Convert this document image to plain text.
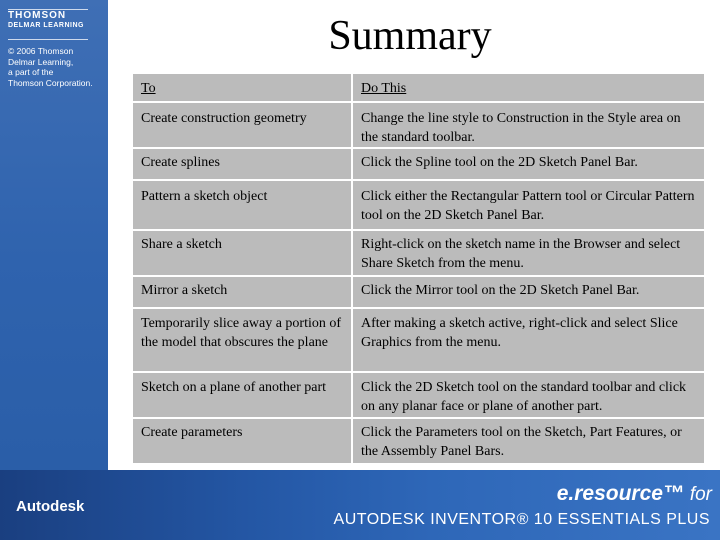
THOMSON
DELMAR LEARNING
© 2006 Thomson
Delmar Learning,
a part of the
Thomson Corporation.
Summary
To	Do This
Create construction geometry	Change the line style to Construction in the Style area on the standard toolbar.
Create splines	Click the Spline tool on the 2D Sketch Panel Bar.
Pattern a sketch object	Click either the Rectangular Pattern tool or Circular Pattern tool on the 2D Sketch Panel Bar.
Share a sketch	Right-click on the sketch name in the Browser and select Share Sketch from the menu.
Mirror a sketch	Click the Mirror tool on the 2D Sketch Panel Bar.
Temporarily slice away a portion of the model that obscures the plane	After making a sketch active, right-click and select Slice Graphics from the menu.
Sketch on a plane of another part	Click the 2D Sketch tool on the standard toolbar and click on any planar face or plane of another part.
Create parameters	Click the Parameters tool on the Sketch, Part Features, or the Assembly Panel Bars.
Autodesk
e.resource™ for
AUTODESK INVENTOR® 10 ESSENTIALS PLUS
